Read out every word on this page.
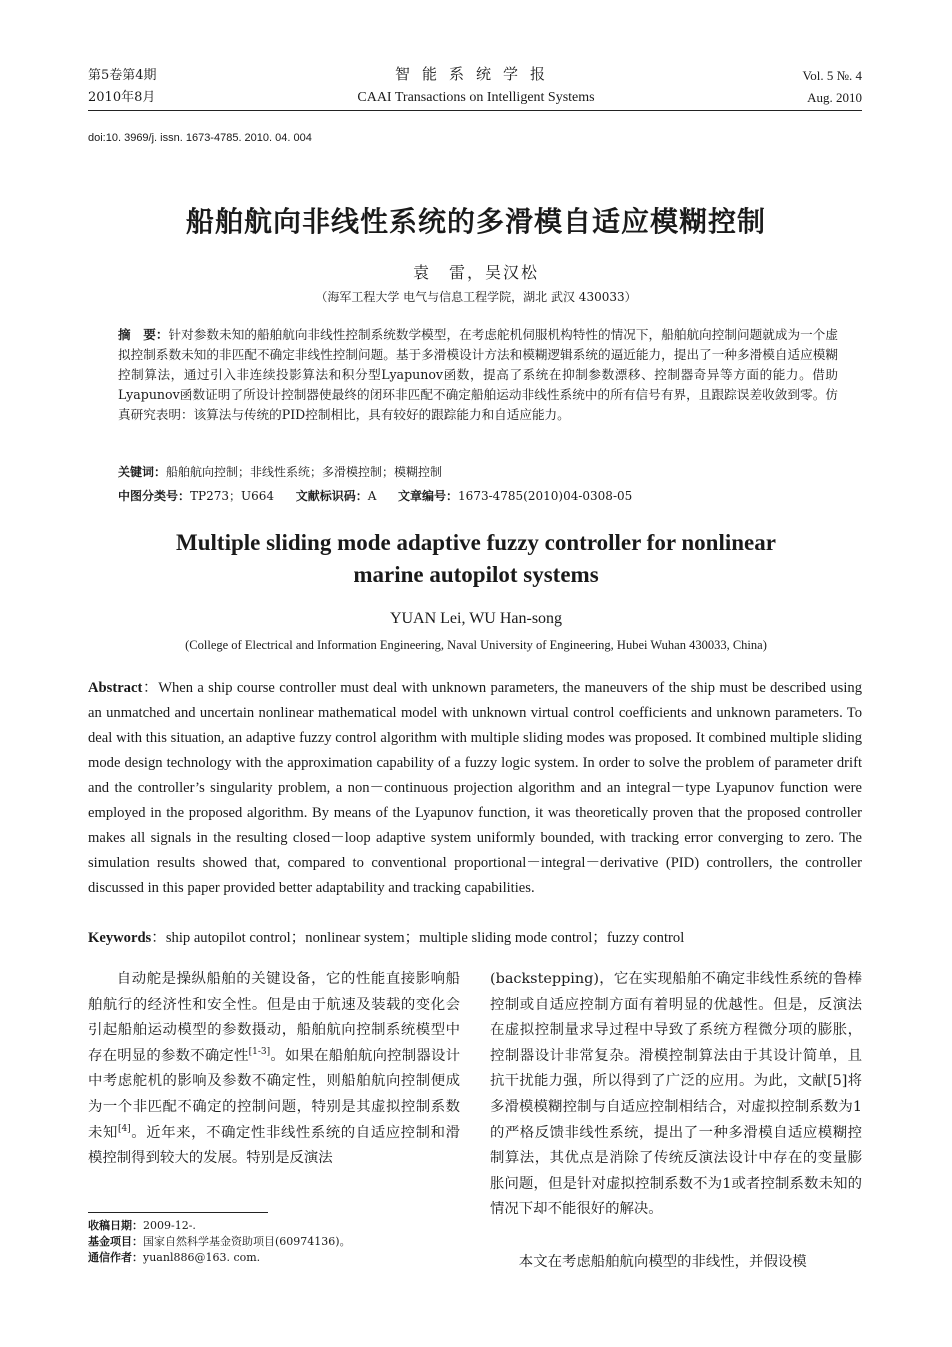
第5卷第4期
2010年8月
智能系统学报
CAAI Transactions on Intelligent Systems
Vol. 5 №. 4
Aug. 2010
doi:10. 3969/j. issn. 1673-4785. 2010. 04. 004
船舶航向非线性系统的多滑模自适应模糊控制
袁　雷，吴汉松
（海军工程大学 电气与信息工程学院，湖北 武汉 430033）
摘　要：针对参数未知的船舶航向非线性控制系统数学模型，在考虑舵机伺服机构特性的情况下，船舶航向控制问题就成为一个虚拟控制系数未知的非匹配不确定非线性控制问题。基于多滑模设计方法和模糊逻辑系统的逼近能力，提出了一种多滑模自适应模糊控制算法，通过引入非连续投影算法和积分型Lyapunov函数，提高了系统在抑制参数漂移、控制器奇异等方面的能力。借助Lyapunov函数证明了所设计控制器使最终的闭环非匹配不确定船舶运动非线性系统中的所有信号有界，且跟踪误差收敛到零。仿真研究表明：该算法与传统的PID控制相比，具有较好的跟踪能力和自适应能力。
关键词：船舶航向控制；非线性系统；多滑模控制；模糊控制
中图分类号：TP273；U664 文献标识码：A 文章编号：1673-4785(2010)04-0308-05
Multiple sliding mode adaptive fuzzy controller for nonlinear
marine autopilot systems
YUAN Lei, WU Han-song
(College of Electrical and Information Engineering, Naval University of Engineering, Hubei Wuhan 430033, China)
Abstract：When a ship course controller must deal with unknown parameters, the maneuvers of the ship must be described using an unmatched and uncertain nonlinear mathematical model with unknown virtual control coefficients and unknown parameters. To deal with this situation, an adaptive fuzzy control algorithm with multiple sliding modes was proposed. It combined multiple sliding mode design technology with the approximation capability of a fuzzy logic system. In order to solve the problem of parameter drift and the controller’s singularity problem, a non－continuous projection algorithm and an integral－type Lyapunov function were employed in the proposed algorithm. By means of the Lyapunov function, it was theoretically proven that the proposed controller makes all signals in the resulting closed－loop adaptive system uniformly bounded, with tracking error converging to zero. The simulation results showed that, compared to conventional proportional－integral－derivative (PID) controllers, the controller discussed in this paper provided better adaptability and tracking capabilities.
Keywords：ship autopilot control；nonlinear system；multiple sliding mode control；fuzzy control
自动舵是操纵船舶的关键设备，它的性能直接影响船舶航行的经济性和安全性。但是由于航速及装载的变化会引起船舶运动模型的参数摄动，船舶航向控制系统模型中存在明显的参数不确定性[1-3]。如果在船舶航向控制器设计中考虑舵机的影响及参数不确定性，则船舶航向控制便成为一个非匹配不确定的控制问题，特别是其虚拟控制系数未知[4]。近年来，不确定性非线性系统的自适应控制和滑模控制得到较大的发展。特别是反演法
收稿日期：2009-12-.
基金项目：国家自然科学基金资助项目(60974136)。
通信作者：yuanl886@163. com.
(backstepping)，它在实现船舶不确定非线性系统的鲁棒控制或自适应控制方面有着明显的优越性。但是，反演法在虚拟控制量求导过程中导致了系统方程微分项的膨胀，控制器设计非常复杂。滑模控制算法由于其设计简单，且抗干扰能力强，所以得到了广泛的应用。为此，文献[5]将多滑模模糊控制与自适应控制相结合，对虚拟控制系数为1的严格反馈非线性系统，提出了一种多滑模自适应模糊控制算法，其优点是消除了传统反演法设计中存在的变量膨胀问题，但是针对虚拟控制系数不为1或者控制系数未知的情况下却不能很好的解决。
本文在考虑船舶航向模型的非线性，并假设模
